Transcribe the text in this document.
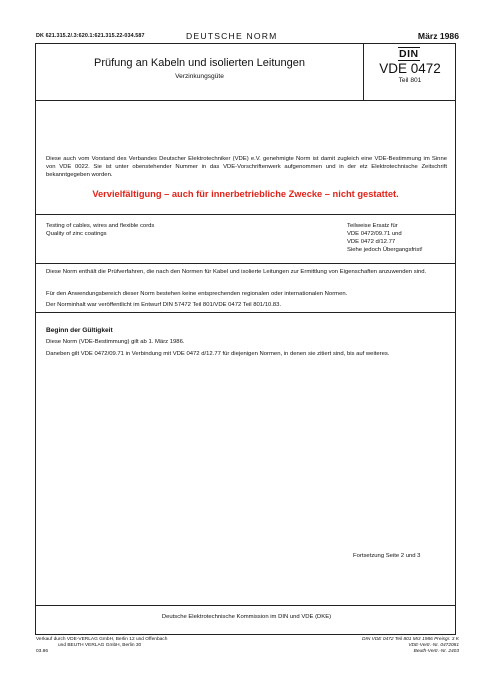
DK 621.315.2/.3:620.1:621.315.22-034.587	DEUTSCHE NORM	März 1986
Prüfung an Kabeln und isolierten Leitungen
Verzinkungsgüte
DIN
VDE 0472
Teil 801
Diese auch vom Vorstand des Verbandes Deutscher Elektrotechniker (VDE) e.V. genehmigte Norm ist damit zugleich eine VDE-Bestimmung im Sinne von VDE 0022. Sie ist unter obenstehender Nummer in das VDE-Vorschriftenwerk aufgenommen und in der etz Elektrotechnische Zeitschrift bekanntgegeben worden.
Vervielfältigung – auch für innerbetriebliche Zwecke – nicht gestattet.
Testing of cables, wires and flexible cords
Quality of zinc coatings
Teilweise Ersatz für
VDE 0472/09.71 und
VDE 0472 d/12.77
Siehe jedoch Übergangsfrist!
Diese Norm enthält die Prüfverfahren, die nach den Normen für Kabel und isolierte Leitungen zur Ermittlung von Eigenschaften anzuwenden sind.
Für den Anwendungsbereich dieser Norm bestehen keine entsprechenden regionalen oder internationalen Normen.
Der Norminhalt war veröffentlicht im Entwurf DIN 57472 Teil 801/VDE 0472 Teil 801/10.83.
Beginn der Gültigkeit
Diese Norm (VDE-Bestimmung) gilt ab 1. März 1986.
Daneben gilt VDE 0472/09.71 in Verbindung mit VDE 0472 d/12.77 für diejenigen Normen, in denen sie zitiert sind, bis auf weiteres.
Fortsetzung Seite 2 und 3
Deutsche Elektrotechnische Kommission im DIN und VDE (DKE)
Verkauf durch VDE-VERLAG GmbH, Berlin 12 und Offenbach
und BEUTH VERLAG GmbH, Berlin 30
03.86
DIN VDE 0472 Teil 801 Mrz 1986 Preisgr. 3 K
VDE-Vertr.-Nr. 0472081
Beuth-Vertr.-Nr. 2403
